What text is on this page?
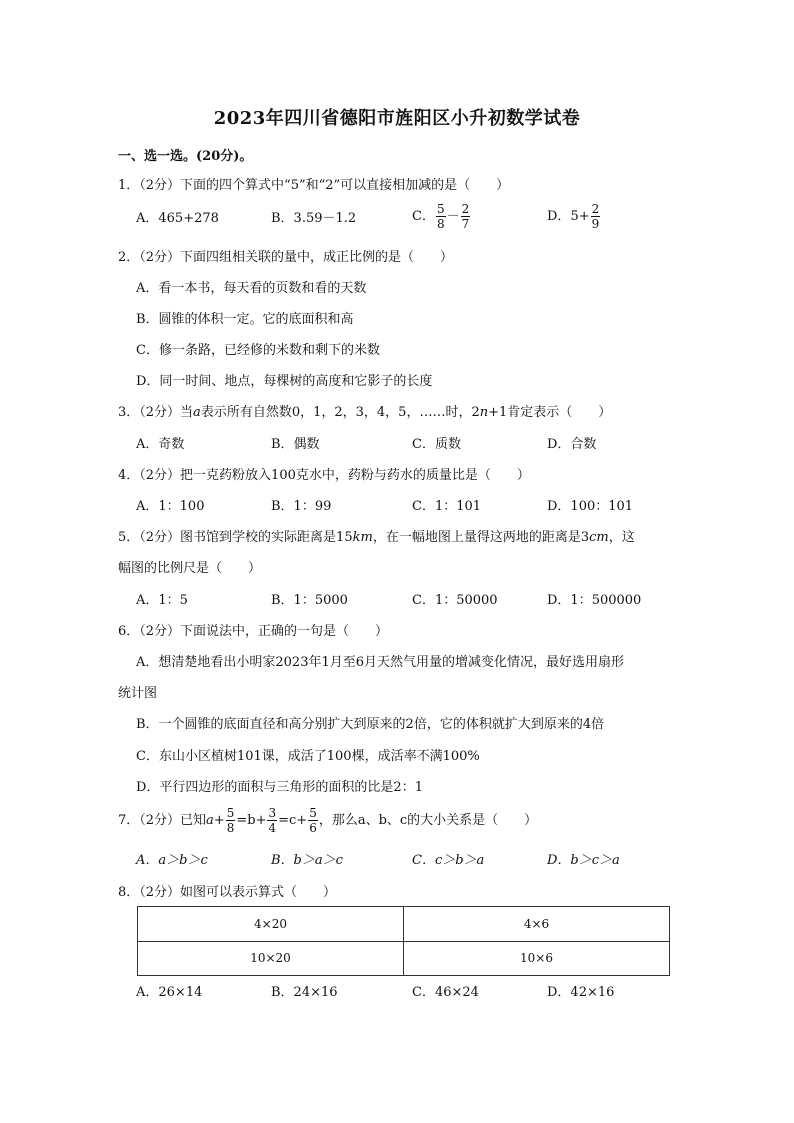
2023年四川省德阳市旌阳区小升初数学试卷
一、选一选。(20分)。
1．（2分）下面的四个算式中“5”和“2”可以直接相加减的是（　　）
A．465+278	B．3.59－1.2	C． $\frac{5}{8} - \frac{2}{7}$	D．$5+ \frac{2}{9}$
2．（2分）下面四组相关联的量中，成正比例的是（　　）
A．看一本书，每天看的页数和看的天数
B．圆锥的体积一定。它的底面积和高
C．修一条路，已经修的米数和剩下的米数
D．同一时间、地点，每棵树的高度和它影子的长度
3．（2分）当a表示所有自然数0，1，2，3，4，5，……时，2n+1肯定表示（　　）
A．奇数	B．偶数	C．质数	D．合数
4．（2分）把一克药粉放入100克水中，药粉与药水的质量比是（　　）
A．1：100	B．1：99	C．1：101	D．100：101
5．（2分）图书馆到学校的实际距离是15km，在一幅地图上量得这两地的距离是3cm，这
幅图的比例尺是（　　）
A．1：5	B．1：5000	C．1：50000	D．1：500000
6．（2分）下面说法中，正确的一句是（　　）
A．想清楚地看出小明家2023年1月至6月天然气用量的增减变化情况，最好选用扇形
统计图
B．一个圆锥的底面直径和高分别扩大到原来的2倍，它的体积就扩大到原来的4倍
C．东山小区植树101课，成活了100棵，成活率不满100%
D．平行四边形的面积与三角形的面积的比是2：1
7．（2分）已知$a+ \frac{5}{8} =b+ \frac{3}{4} =c+ \frac{5}{6}$ ，那么a、b、c的大小关系是（　　）
A．a＞b＞c	B．b＞a＞c	C．c＞b＞a	D．b＞c＞a
8．（2分）如图可以表示算式（　　）
4×20	4×6
10×20	10×6
A．26×14	B．24×16	C．46×24	D．42×16
